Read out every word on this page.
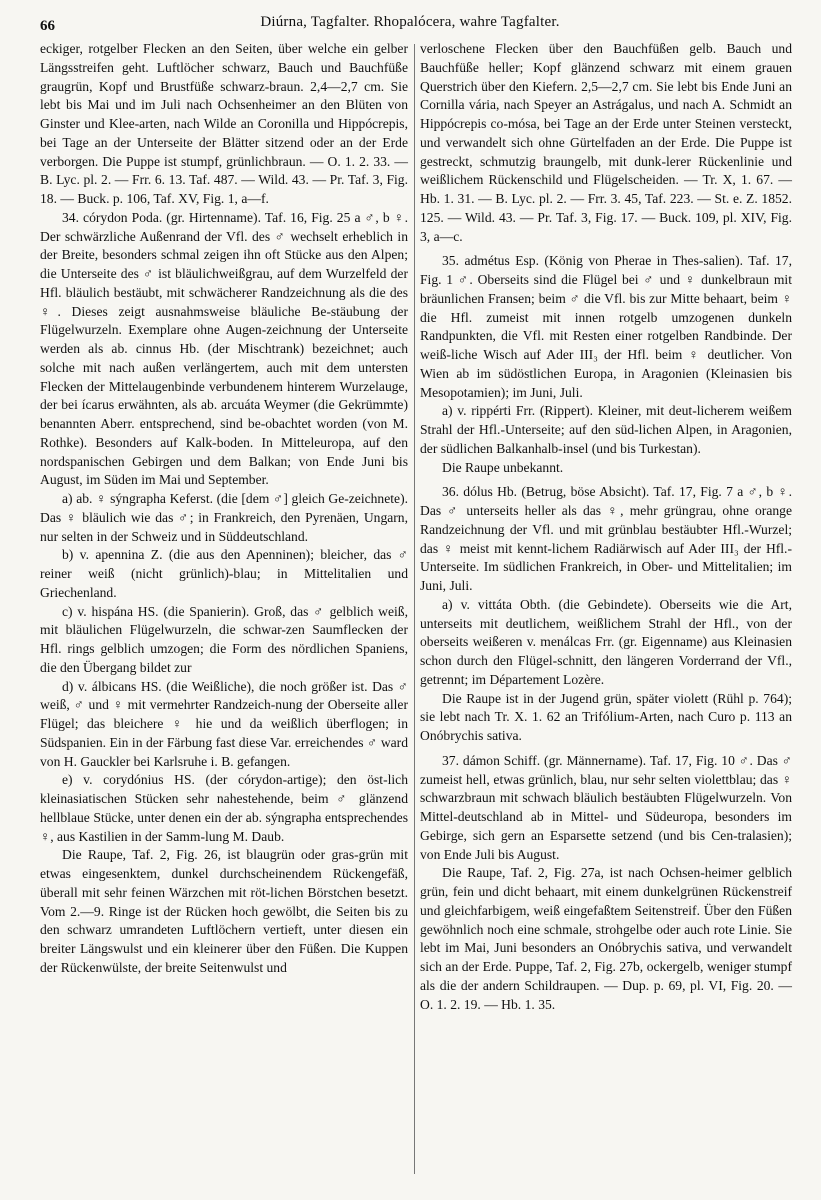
66	Diúrna, Tagfalter. Rhopalócera, wahre Tagfalter.

eckiger, rotgelber Flecken an den Seiten, über welche ein gelber Längsstreifen geht. Luftlöcher schwarz, Bauch und Bauchfüße graugrün, Kopf und Brustfüße schwarz-braun. 2,4—2,7 cm. Sie lebt bis Mai und im Juli nach Ochsenheimer an den Blüten von Ginster und Klee-arten, nach Wilde an Coronilla und Hippócrepis, bei Tage an der Unterseite der Blätter sitzend oder an der Erde verborgen. Die Puppe ist stumpf, grünlichbraun. — O. 1. 2. 33. — B. Lyc. pl. 2. — Frr. 6. 13. Taf. 487. — Wild. 43. — Pr. Taf. 3, Fig. 18. — Buck. p. 106, Taf. XV, Fig. 1, a—f.

34. córydon Poda. (gr. Hirtenname). Taf. 16, Fig. 25 a ♂, b ♀. Der schwärzliche Außenrand der Vfl. des ♂ wechselt erheblich in der Breite, besonders schmal zeigen ihn oft Stücke aus den Alpen; die Unterseite des ♂ ist bläulichweißgrau, auf dem Wurzelfeld der Hfl. bläulich bestäubt, mit schwächerer Randzeichnung als die des ♀. Dieses zeigt ausnahmsweise bläuliche Be-stäubung der Flügelwurzeln. Exemplare ohne Augen-zeichnung der Unterseite werden als ab. cinnus Hb. (der Mischtrank) bezeichnet; auch solche mit nach außen verlängertem, auch mit dem untersten Flecken der Mittelaugenbinde verbundenem hinterem Wurzelauge, der bei ícarus erwähnten, als ab. arcuáta Weymer (die Gekrümmte) benannten Aberr. entsprechend, sind be-obachtet worden (von M. Rothke). Besonders auf Kalk-boden. In Mitteleuropa, auf den nordspanischen Gebirgen und dem Balkan; von Ende Juni bis August, im Süden im Mai und September.

a) ab. ♀ sýngrapha Keferst. (die [dem ♂] gleich Ge-zeichnete). Das ♀ bläulich wie das ♂; in Frankreich, den Pyrenäen, Ungarn, nur selten in der Schweiz und in Süddeutschland.

b) v. apennina Z. (die aus den Apenninen); bleicher, das ♂ reiner weiß (nicht grünlich)-blau; in Mittelitalien und Griechenland.

c) v. hispána HS. (die Spanierin). Groß, das ♂ gelblich weiß, mit bläulichen Flügelwurzeln, die schwar-zen Saumflecken der Hfl. rings gelblich umzogen; die Form des nördlichen Spaniens, die den Übergang bildet zur

d) v. álbicans HS. (die Weißliche), die noch größer ist. Das ♂ weiß, ♂ und ♀ mit vermehrter Randzeich-nung der Oberseite aller Flügel; das bleichere ♀ hie und da weißlich überflogen; in Südspanien. Ein in der Färbung fast diese Var. erreichendes ♂ ward von H. Gauckler bei Karlsruhe i. B. gefangen.

e) v. corydónius HS. (der córydon-artige); den öst-lich kleinasiatischen Stücken sehr nahestehende, beim ♂ glänzend hellblaue Stücke, unter denen ein der ab. sýngrapha entsprechendes ♀, aus Kastilien in der Samm-lung M. Daub.

Die Raupe, Taf. 2, Fig. 26, ist blaugrün oder gras-grün mit etwas eingesenktem, dunkel durchscheinendem Rückengefäß, überall mit sehr feinen Wärzchen mit röt-lichen Börstchen besetzt. Vom 2.—9. Ringe ist der Rücken hoch gewölbt, die Seiten bis zu den schwarz umrandeten Luftlöchern vertieft, unter diesen ein breiter Längswulst und ein kleinerer über den Füßen. Die Kuppen der Rückenwülste, der breite Seitenwulst und

verloschene Flecken über den Bauchfüßen gelb. Bauch und Bauchfüße heller; Kopf glänzend schwarz mit einem grauen Querstrich über den Kiefern. 2,5—2,7 cm. Sie lebt bis Ende Juni an Cornilla vária, nach Speyer an Astrágalus, und nach A. Schmidt an Hippócrepis co-mósa, bei Tage an der Erde unter Steinen versteckt, und verwandelt sich ohne Gürtelfaden an der Erde. Die Puppe ist gestreckt, schmutzig braungelb, mit dunk-lerer Rückenlinie und weißlichem Rückenschild und Flügelscheiden. — Tr. X, 1. 67. — Hb. 1. 31. — B. Lyc. pl. 2. — Frr. 3. 45, Taf. 223. — St. e. Z. 1852. 125. — Wild. 43. — Pr. Taf. 3, Fig. 17. — Buck. 109, pl. XIV, Fig. 3, a—c.

35. admétus Esp. (König von Pherae in Thes-salien). Taf. 17, Fig. 1 ♂. Oberseits sind die Flügel bei ♂ und ♀ dunkelbraun mit bräunlichen Fransen; beim ♂ die Vfl. bis zur Mitte behaart, beim ♀ die Hfl. zumeist mit innen rotgelb umzogenen dunkeln Randpunkten, die Vfl. mit Resten einer rotgelben Randbinde. Der weiß-liche Wisch auf Ader III₃ der Hfl. beim ♀ deutlicher. Von Wien ab im südöstlichen Europa, in Aragonien (Kleinasien bis Mesopotamien); im Juni, Juli.

a) v. rippérti Frr. (Rippert). Kleiner, mit deut-licherem weißem Strahl der Hfl.-Unterseite; auf den süd-lichen Alpen, in Aragonien, der südlichen Balkanhalb-insel (und bis Turkestan).

Die Raupe unbekannt.

36. dólus Hb. (Betrug, böse Absicht). Taf. 17, Fig. 7 a ♂, b ♀. Das ♂ unterseits heller als das ♀, mehr grüngrau, ohne orange Randzeichnung der Vfl. und mit grünblau bestäubter Hfl.-Wurzel; das ♀ meist mit kennt-lichem Radiärwisch auf Ader III₃ der Hfl.-Unterseite. Im südlichen Frankreich, in Ober- und Mittelitalien; im Juni, Juli.

a) v. vittáta Obth. (die Gebindete). Oberseits wie die Art, unterseits mit deutlichem, weißlichem Strahl der Hfl., von der oberseits weißeren v. menálcas Frr. (gr. Eigenname) aus Kleinasien schon durch den Flügel-schnitt, den längeren Vorderrand der Vfl., getrennt; im Département Lozère.

Die Raupe ist in der Jugend grün, später violett (Rühl p. 764); sie lebt nach Tr. X. 1. 62 an Trifólium-Arten, nach Curo p. 113 an Onóbrychis sativa.

37. dámon Schiff. (gr. Männername). Taf. 17, Fig. 10 ♂. Das ♂ zumeist hell, etwas grünlich, blau, nur sehr selten violettblau; das ♀ schwarzbraun mit schwach bläulich bestäubten Flügelwurzeln. Von Mittel-deutschland ab in Mittel- und Südeuropa, besonders im Gebirge, sich gern an Esparsette setzend (und bis Cen-tralasien); von Ende Juli bis August.

Die Raupe, Taf. 2, Fig. 27a, ist nach Ochsen-heimer gelblich grün, fein und dicht behaart, mit einem dunkelgrünen Rückenstreif und gleichfarbigem, weiß eingefaßtem Seitenstreif. Über den Füßen gewöhnlich noch eine schmale, strohgelbe oder auch rote Linie. Sie lebt im Mai, Juni besonders an Onóbrychis sativa, und verwandelt sich an der Erde. Puppe, Taf. 2, Fig. 27b, ockergelb, weniger stumpf als die der andern Schildraupen. — Dup. p. 69, pl. VI, Fig. 20. — O. 1. 2. 19. — Hb. 1. 35.
